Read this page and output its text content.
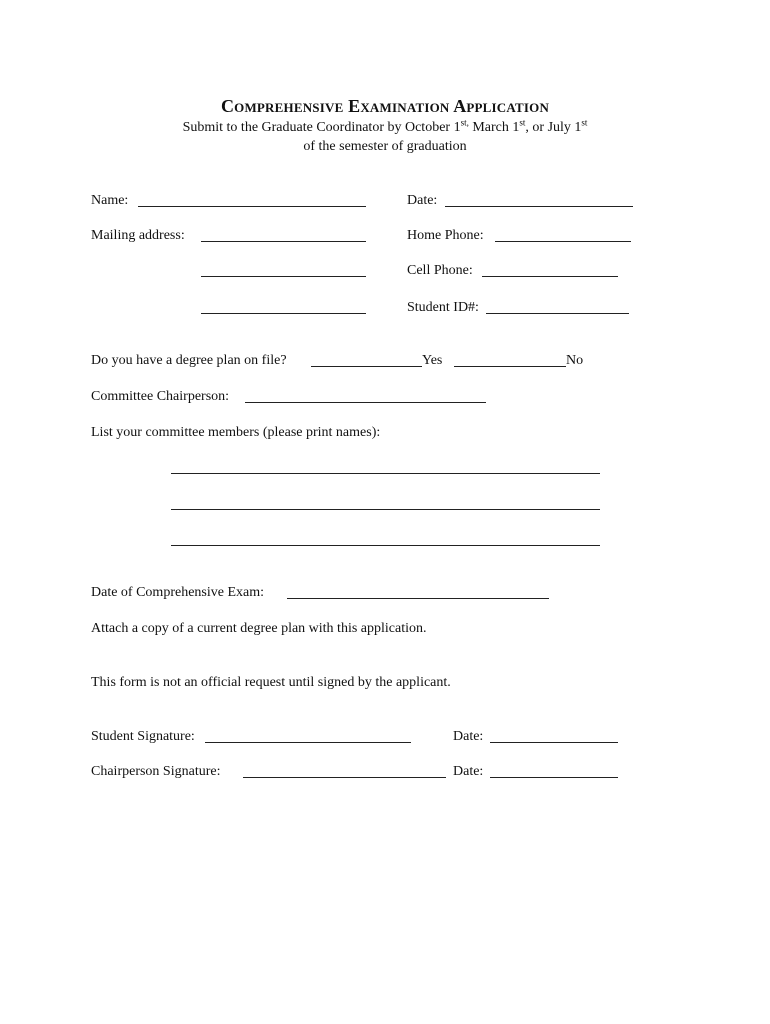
Comprehensive Examination Application
Submit to the Graduate Coordinator by October $1^{st,}$ March 1st, or July 1st
of the semester of graduation
Name:	Date:
Mailing address:	Home Phone:
Cell Phone:
Student ID#:
Do you have a degree plan on file?	Yes	No
Committee Chairperson:
List your committee members (please print names):
Date of Comprehensive Exam:
Attach a copy of a current degree plan with this application.
This form is not an official request until signed by the applicant.
Student Signature:	Date:
Chairperson Signature:	Date:
